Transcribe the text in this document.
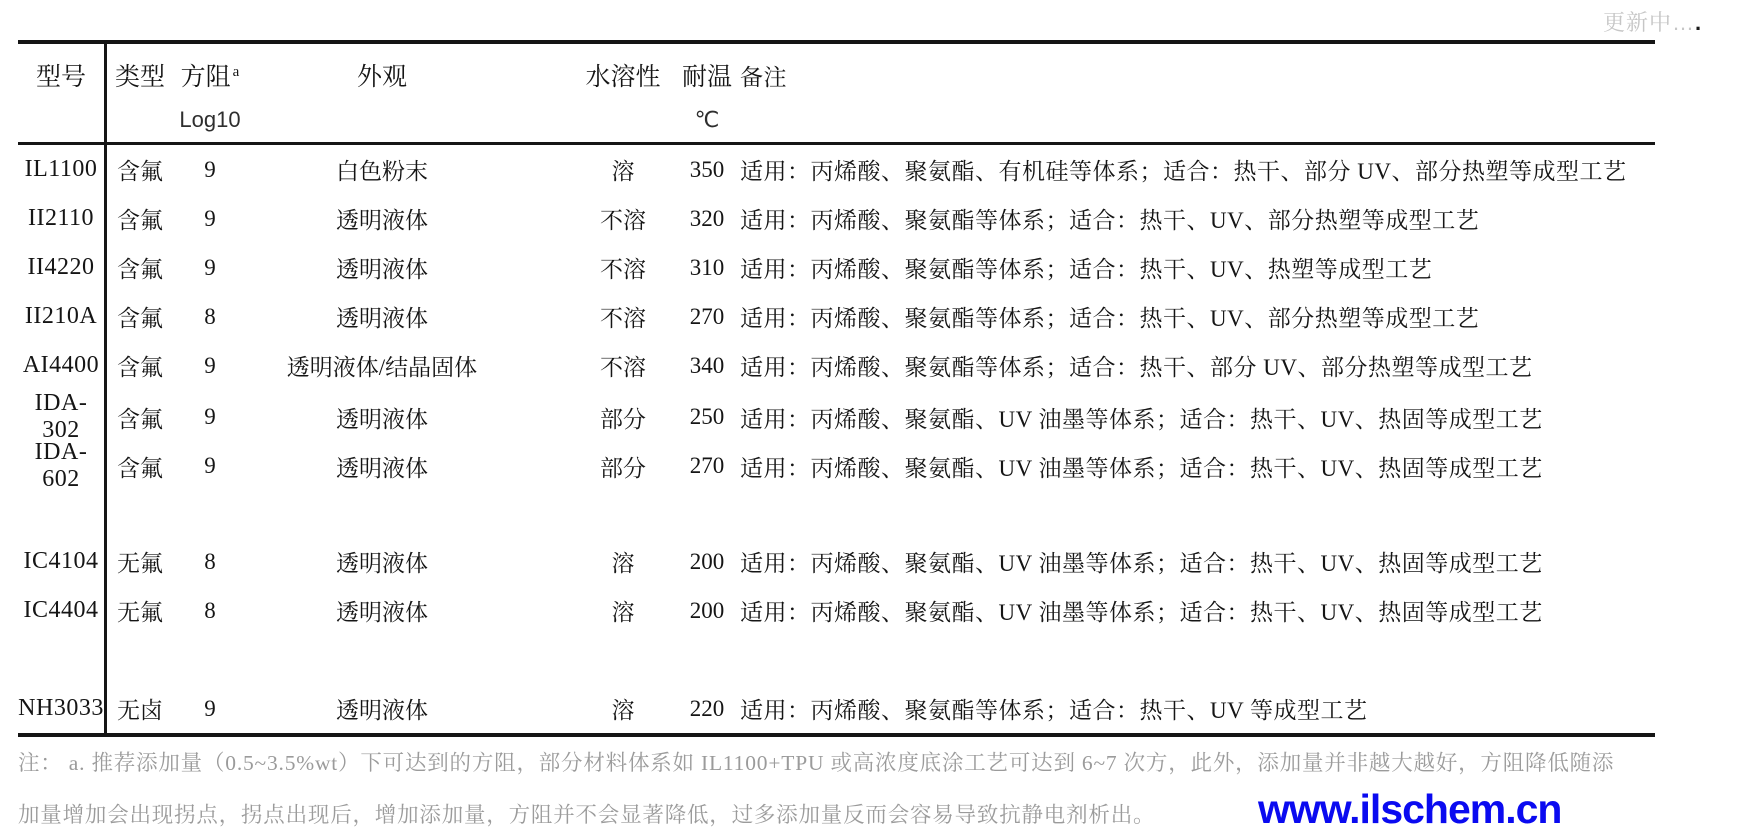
更新中….
型号	类型 方阻 $^a$	外观	水溶性 耐温 备注
Log10	℃
IL1100 含氟	9	白色粉末	溶	350 适用：丙烯酸、聚氨酯、有机硅等体系；适合：热干、部分 UV、部分热塑等成型工艺
II2110 含氟	9	透明液体	不溶	320 适用：丙烯酸、聚氨酯等体系；适合：热干、UV、部分热塑等成型工艺
II4220 含氟	9	透明液体	不溶	310 适用：丙烯酸、聚氨酯等体系；适合：热干、UV、热塑等成型工艺
II210A 含氟	8	透明液体	不溶	270 适用：丙烯酸、聚氨酯等体系；适合：热干、UV、部分热塑等成型工艺
AI4400 含氟	9	透明液体/结晶固体	不溶	340 适用：丙烯酸、聚氨酯等体系；适合：热干、部分 UV、部分热塑等成型工艺
IDA-302	含氟	9	透明液体	部分	250 适用：丙烯酸、聚氨酯、UV 油墨等体系；适合：热干、UV、热固等成型工艺
IDA-602	含氟	9	透明液体	部分	270 适用：丙烯酸、聚氨酯、UV 油墨等体系；适合：热干、UV、热固等成型工艺
IC4104 无氟	8	透明液体	溶	200 适用：丙烯酸、聚氨酯、UV 油墨等体系；适合：热干、UV、热固等成型工艺
IC4404 无氟	8	透明液体	溶	200 适用：丙烯酸、聚氨酯、UV 油墨等体系；适合：热干、UV、热固等成型工艺
NH3033 无卤	9	透明液体	溶	220 适用：丙烯酸、聚氨酯等体系；适合：热干、UV 等成型工艺
注： a. 推荐添加量（0.5~3.5%wt）下可达到的方阻，部分材料体系如 IL1100+TPU 或高浓度底涂工艺可达到 6~7 次方，此外，添加量并非越大越好，方阻降低随添
加量增加会出现拐点，拐点出现后，增加添加量，方阻并不会显著降低，过多添加量反而会容易导致抗静电剂析出。	www.ilschem.cn
